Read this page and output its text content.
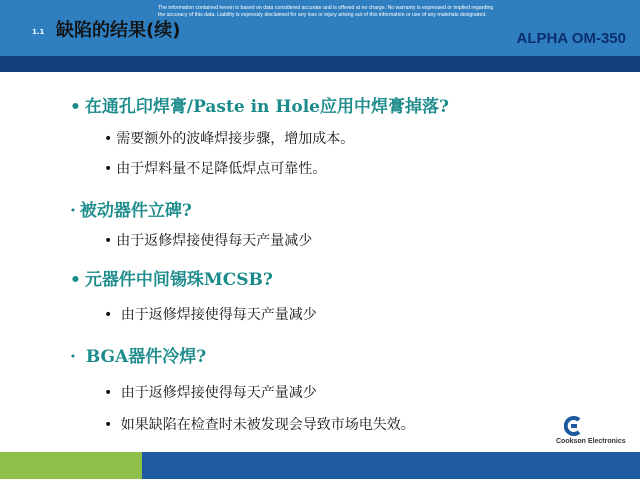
1.1 缺陷的结果(续)	ALPHA OM-350
• 在通孔印焊膏/Paste in Hole应用中焊膏掉落?
• 需要额外的波峰焊接步骤，增加成本。
• 由于焊料量不足降低焊点可靠性。
· 被动器件立碑?
• 由于返修焊接使得每天产量减少
• 元器件中间锡珠MCSB?
• 由于返修焊接使得每天产量减少
· BGA器件冷焊?
• 由于返修焊接使得每天产量减少
• 如果缺陷在检查时未被发现会导致市场电失效。
Cookson Electronics
The information contained herein is based on data considered accurate and is offered at no charge. No warranty is expressed or implied regarding
the accuracy of this data. Liability is expressly disclaimed for any loss or injury arising out of this information or use of any materials designated.
